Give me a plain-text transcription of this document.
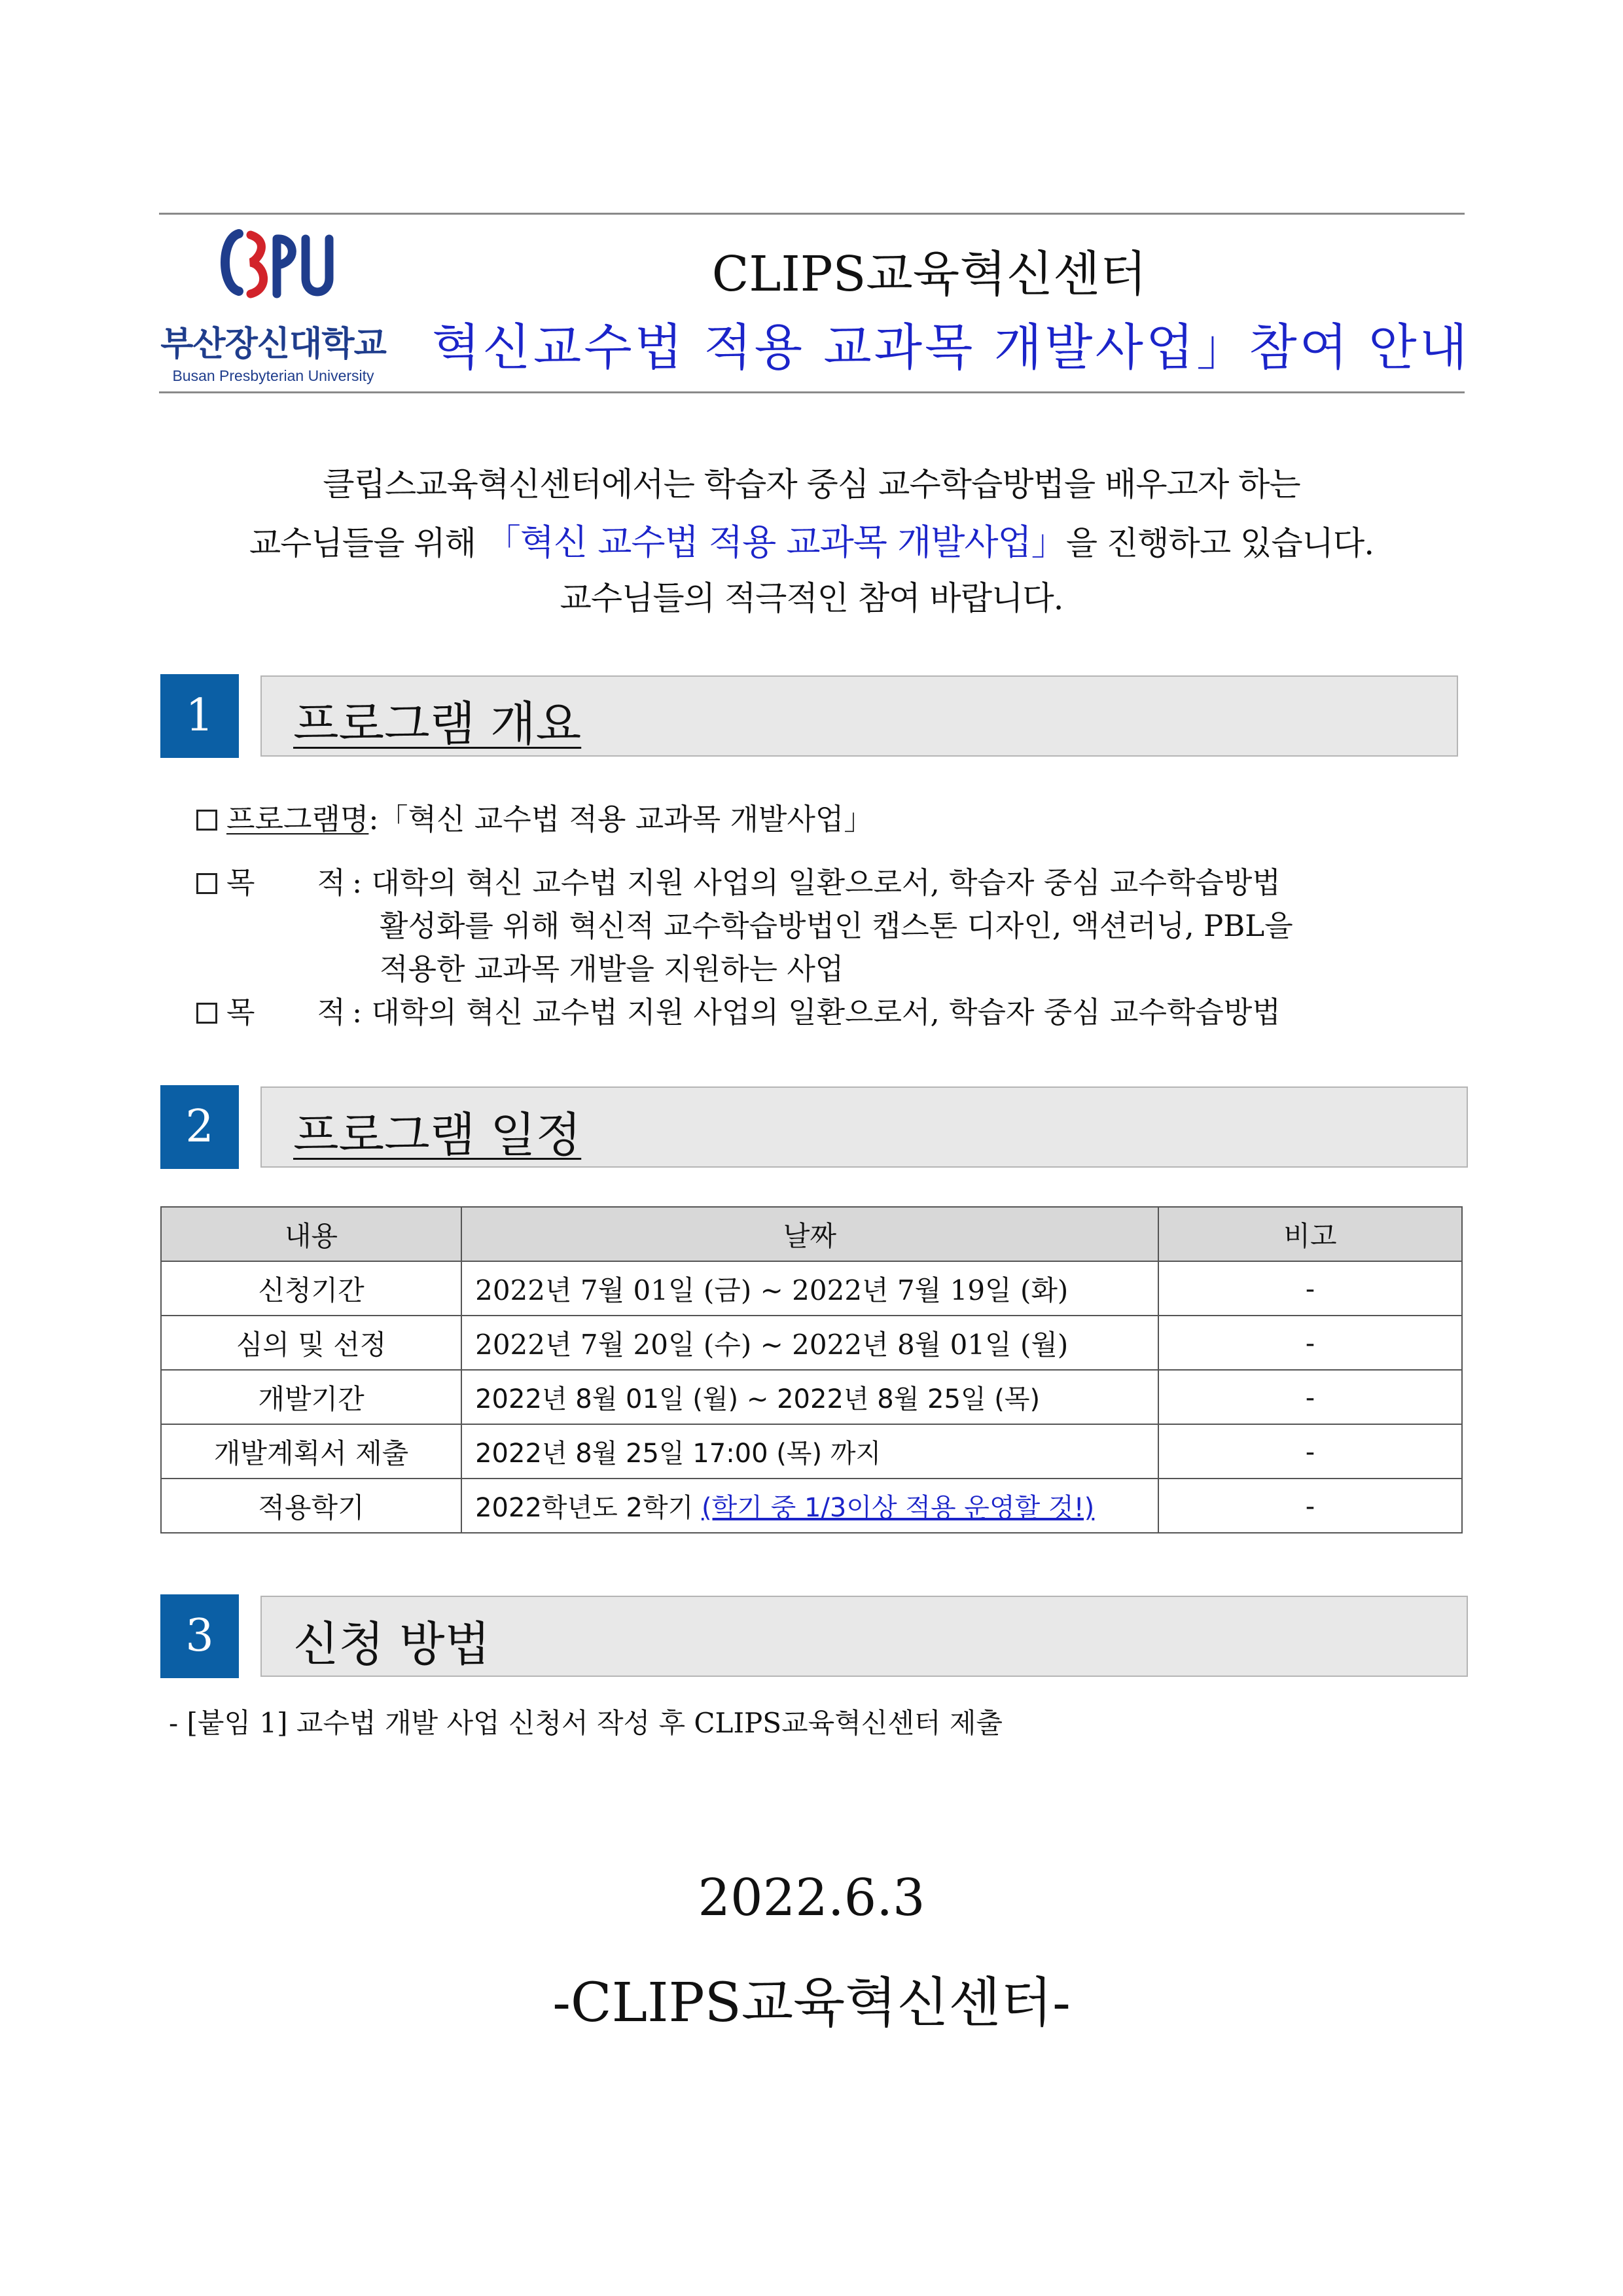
부산장신대학교
Busan Presbyterian University
CLIPS교육혁신센터
혁신교수법 적용 교과목 개발사업」참여 안내
클립스교육혁신센터에서는 학습자 중심 교수학습방법을 배우고자 하는
교수님들을 위해 「혁신 교수법 적용 교과목 개발사업」을 진행하고 있습니다.
교수님들의 적극적인 참여 바랍니다.
1	프로그램 개요
프로그램명:「혁신 교수법 적용 교과목 개발사업」
목 적 : 대학의 혁신 교수법 지원 사업의 일환으로서, 학습자 중심 교수학습방법
활성화를 위해 혁신적 교수학습방법인 캡스톤 디자인, 액션러닝, PBL을
적용한 교과목 개발을 지원하는 사업
목 적 : 대학의 혁신 교수법 지원 사업의 일환으로서, 학습자 중심 교수학습방법
2	프로그램 일정
내용	날짜	비고
신청기간	2022년 7월 01일 (금) ~ 2022년 7월 19일 (화)	-
심의 및 선정	2022년 7월 20일 (수) ~ 2022년 8월 01일 (월)	-
개발기간	2022년 8월 01일 (월) ~ 2022년 8월 25일 (목)	-
개발계획서 제출	2022년 8월 25일 17:00 (목) 까지	-
적용학기	2022학년도 2학기 (학기 중 1/3이상 적용 운영할 것!)	-
3	신청 방법
- [붙임 1] 교수법 개발 사업 신청서 작성 후 CLIPS교육혁신센터 제출
2022.6.3
-CLIPS교육혁신센터-
